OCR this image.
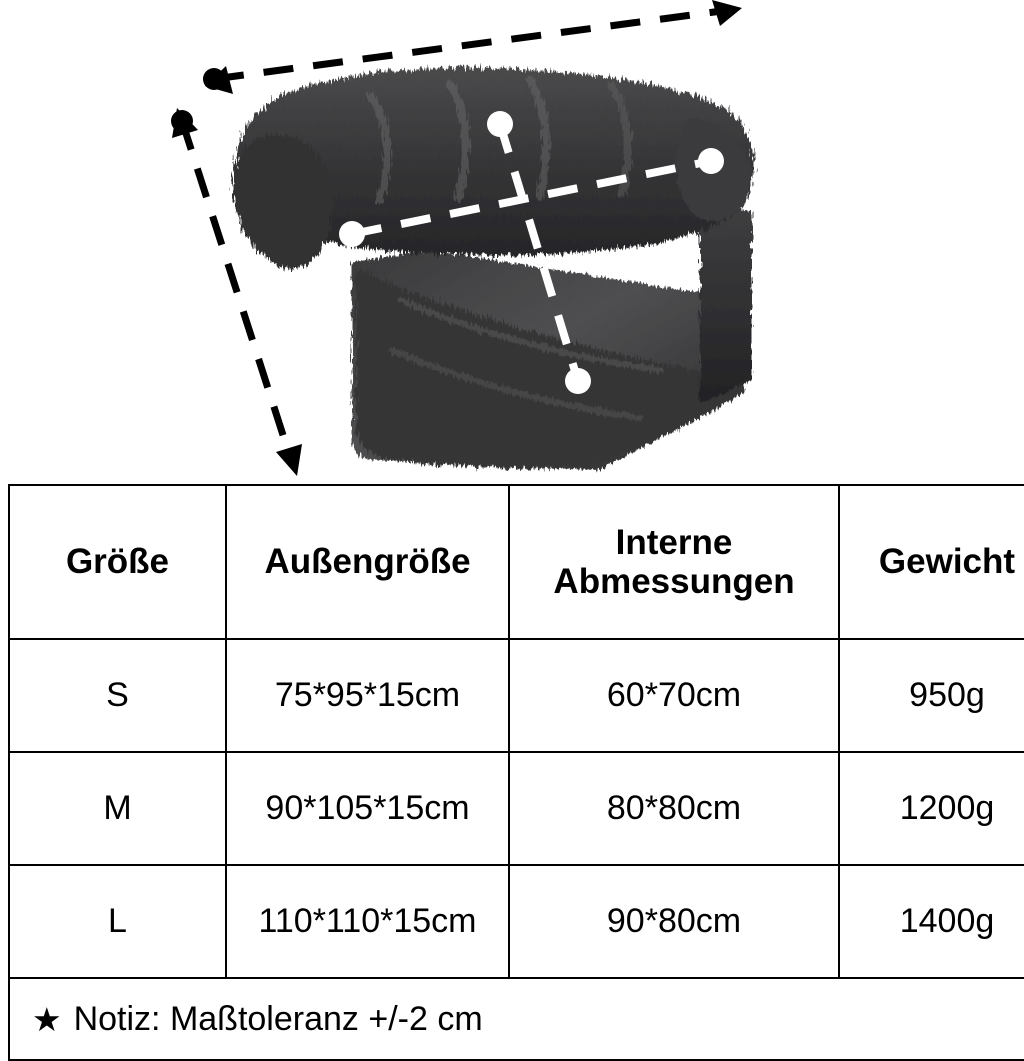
Größe	Außengröße	Interne Abmessungen	Gewicht
S	75*95*15cm	60*70cm	950g
M	90*105*15cm	80*80cm	1200g
L	110*110*15cm	90*80cm	1400g

★ Notiz: Maßtoleranz +/-2 cm			
